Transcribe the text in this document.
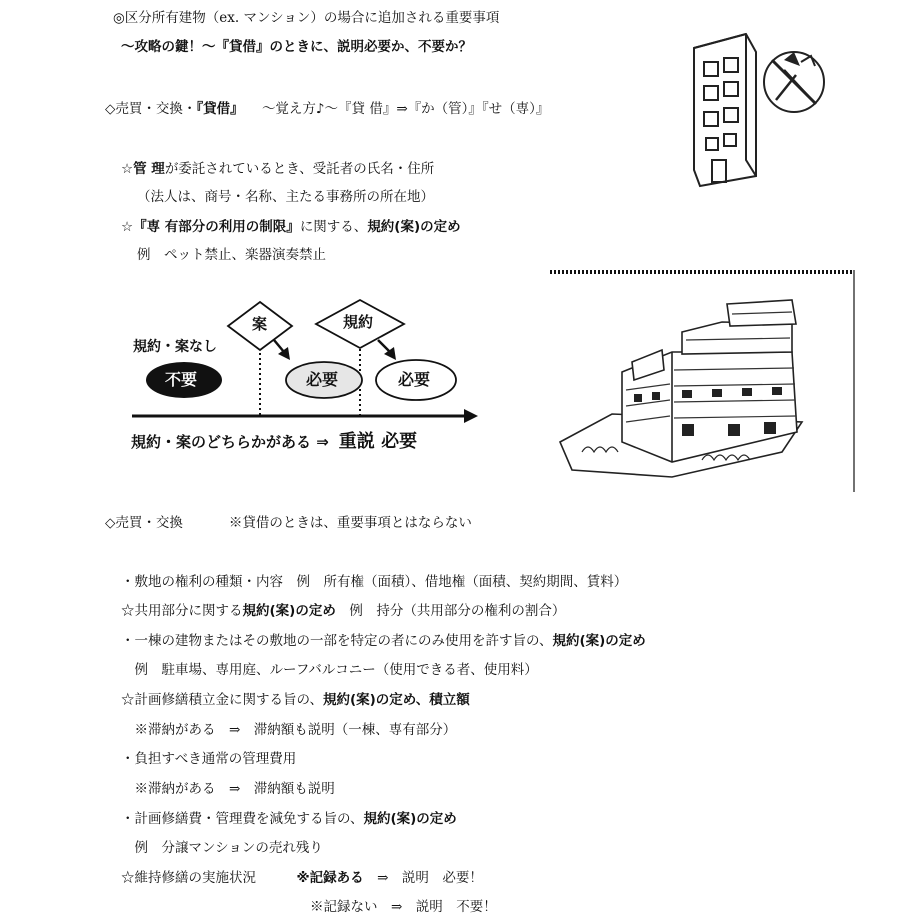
◎区分所有建物（ex. マンション）の場合に追加される重要事項
～攻略の鍵！～『貸借』のときに、説明必要か、不要か？
◇売買・交換・『貸借』 ～覚え方♪～『貸 借』⇒『か（管）』『せ（専）』
☆管 理が委託されているとき、受託者の氏名・住所
（法人は、商号・名称、主たる事務所の所在地）
☆『専 有部分の利用の制限』に関する、規約(案)の定め
例　ペット禁止、楽器演奏禁止
案	規約
規約・案なし
不要	必要	必要
規約・案のどちらかがある ⇒ 重説 必要
◇売買・交換	※貸借のときは、重要事項とはならない
・敷地の権利の種類・内容　例　所有権（面積）、借地権（面積、契約期間、賃料）
☆共用部分に関する規約(案)の定め　例　持分（共用部分の権利の割合）
・一棟の建物またはその敷地の一部を特定の者にのみ使用を許す旨の、規約(案)の定め
　例　駐車場、専用庭、ルーフバルコニー（使用できる者、使用料）
☆計画修繕積立金に関する旨の、規約(案)の定め、積立額
　※滞納がある　⇒　滞納額も説明（一棟、専有部分）
・負担すべき通常の管理費用
　※滞納がある　⇒　滞納額も説明
・計画修繕費・管理費を減免する旨の、規約(案)の定め
　例　分譲マンションの売れ残り
☆維持修繕の実施状況　　　※記録ある　⇒　説明　必要！
※記録ない　⇒　説明　不要！
